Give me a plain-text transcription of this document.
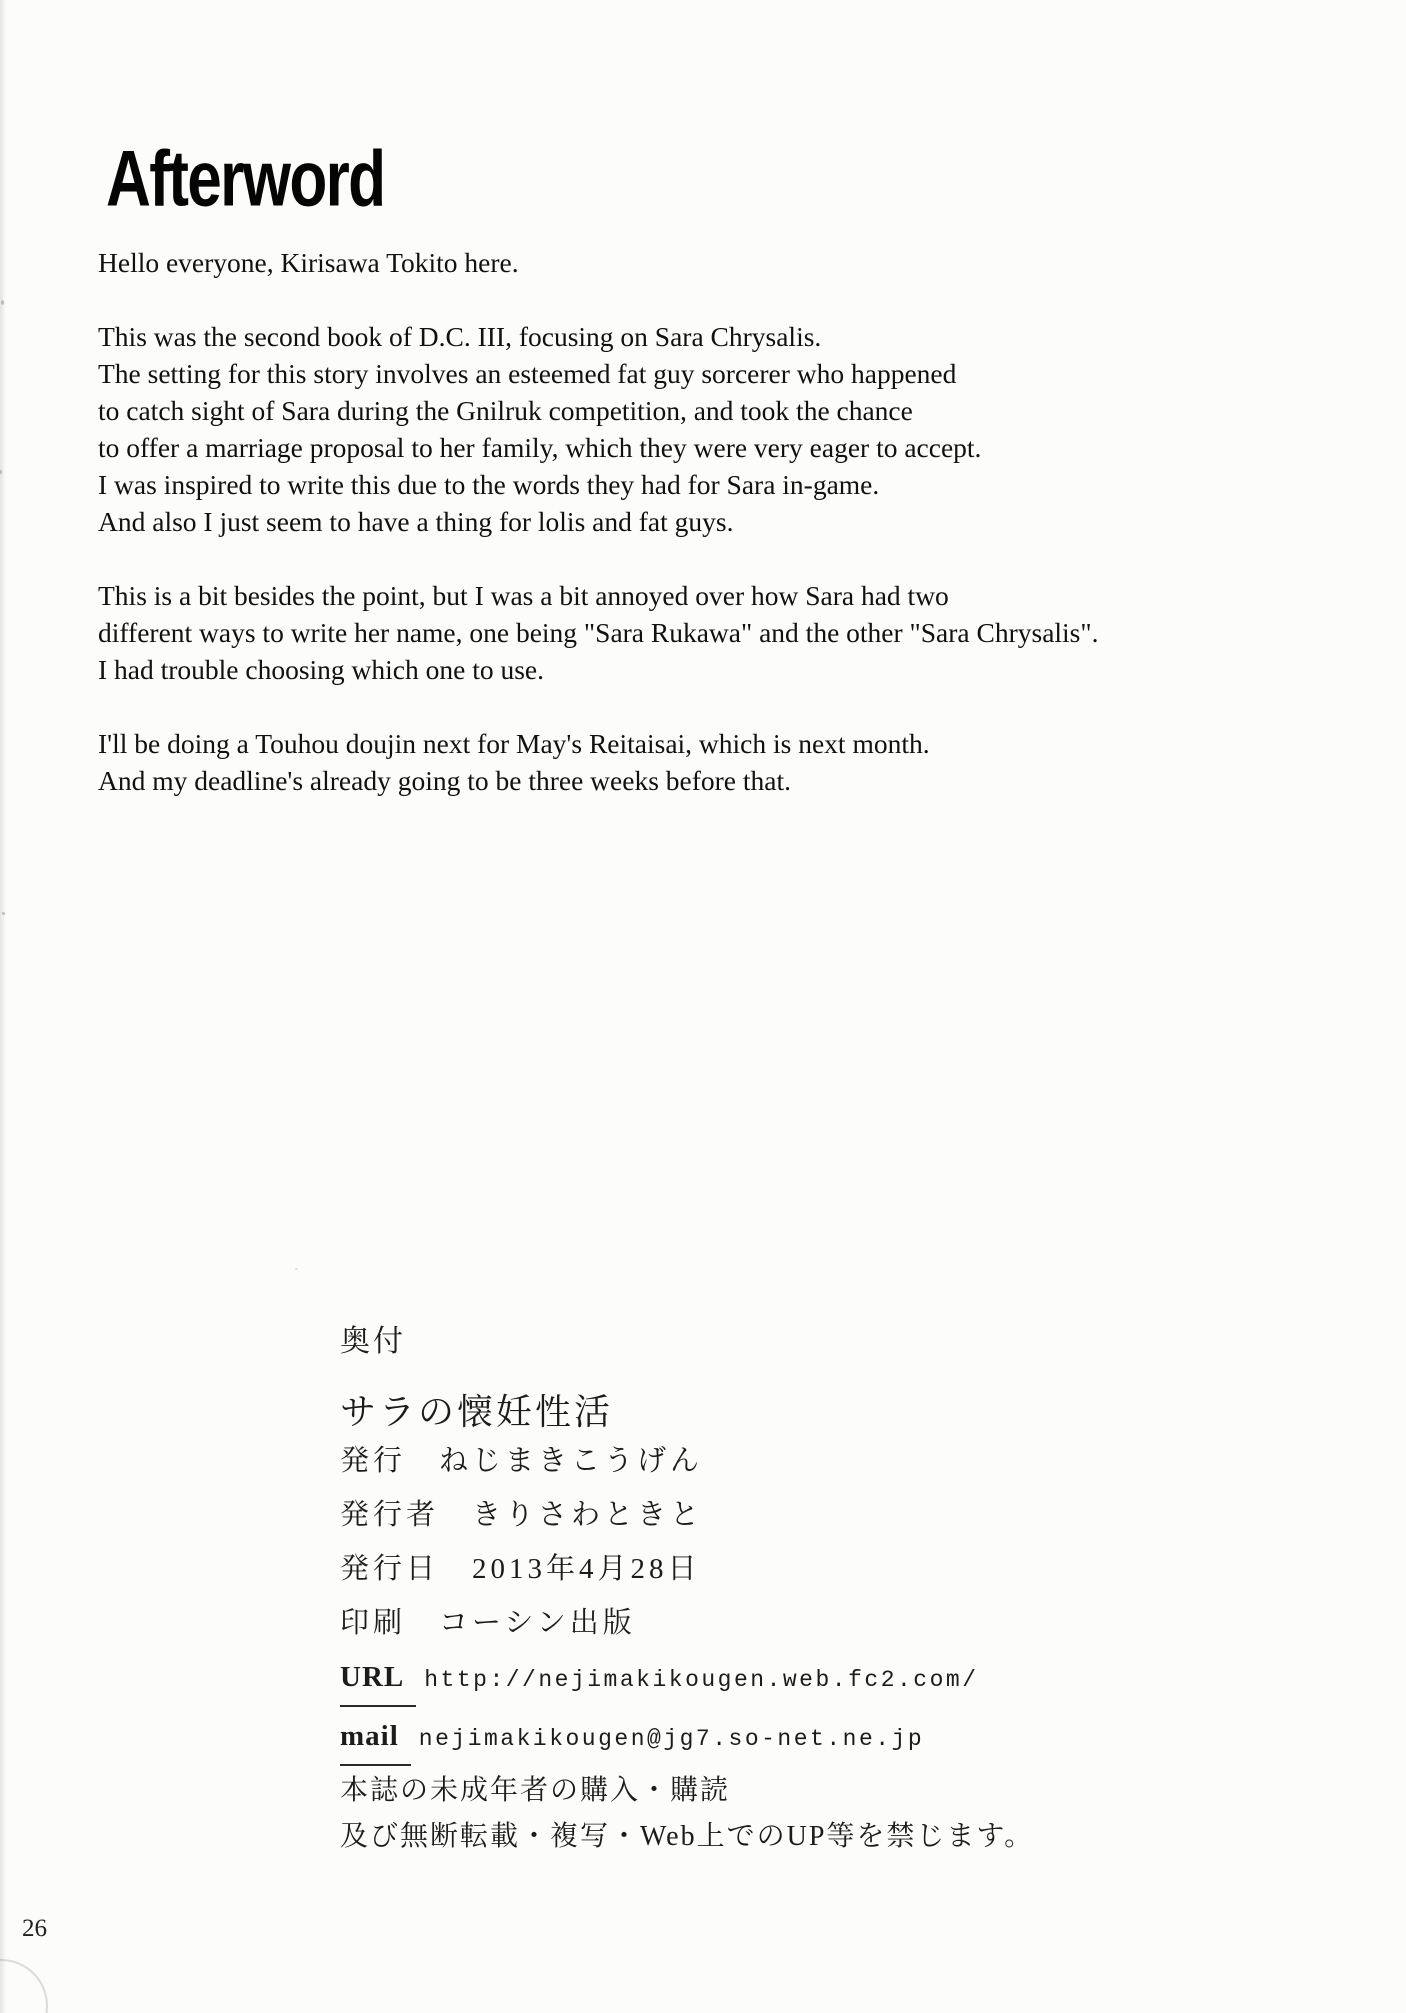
Afterword
Hello everyone, Kirisawa Tokito here.
This was the second book of D.C. III, focusing on Sara Chrysalis.
The setting for this story involves an esteemed fat guy sorcerer who happened
to catch sight of Sara during the Gnilruk competition, and took the chance
to offer a marriage proposal to her family, which they were very eager to accept.
I was inspired to write this due to the words they had for Sara in-game.
And also I just seem to have a thing for lolis and fat guys.
This is a bit besides the point, but I was a bit annoyed over how Sara had two
different ways to write her name, one being "Sara Rukawa" and the other "Sara Chrysalis".
I had trouble choosing which one to use.
I'll be doing a Touhou doujin next for May's Reitaisai, which is next month.
And my deadline's already going to be three weeks before that.
奥付
サラの懐妊性活
発行　ねじまきこうげん
発行者　きりさわときと
発行日　2013年4月28日
印刷　コーシン出版
URL http://nejimakikougen.web.fc2.com/
mail nejimakikougen@jg7.so-net.ne.jp
本誌の未成年者の購入・購読
及び無断転載・複写・Web上でのUP等を禁じます。
26
